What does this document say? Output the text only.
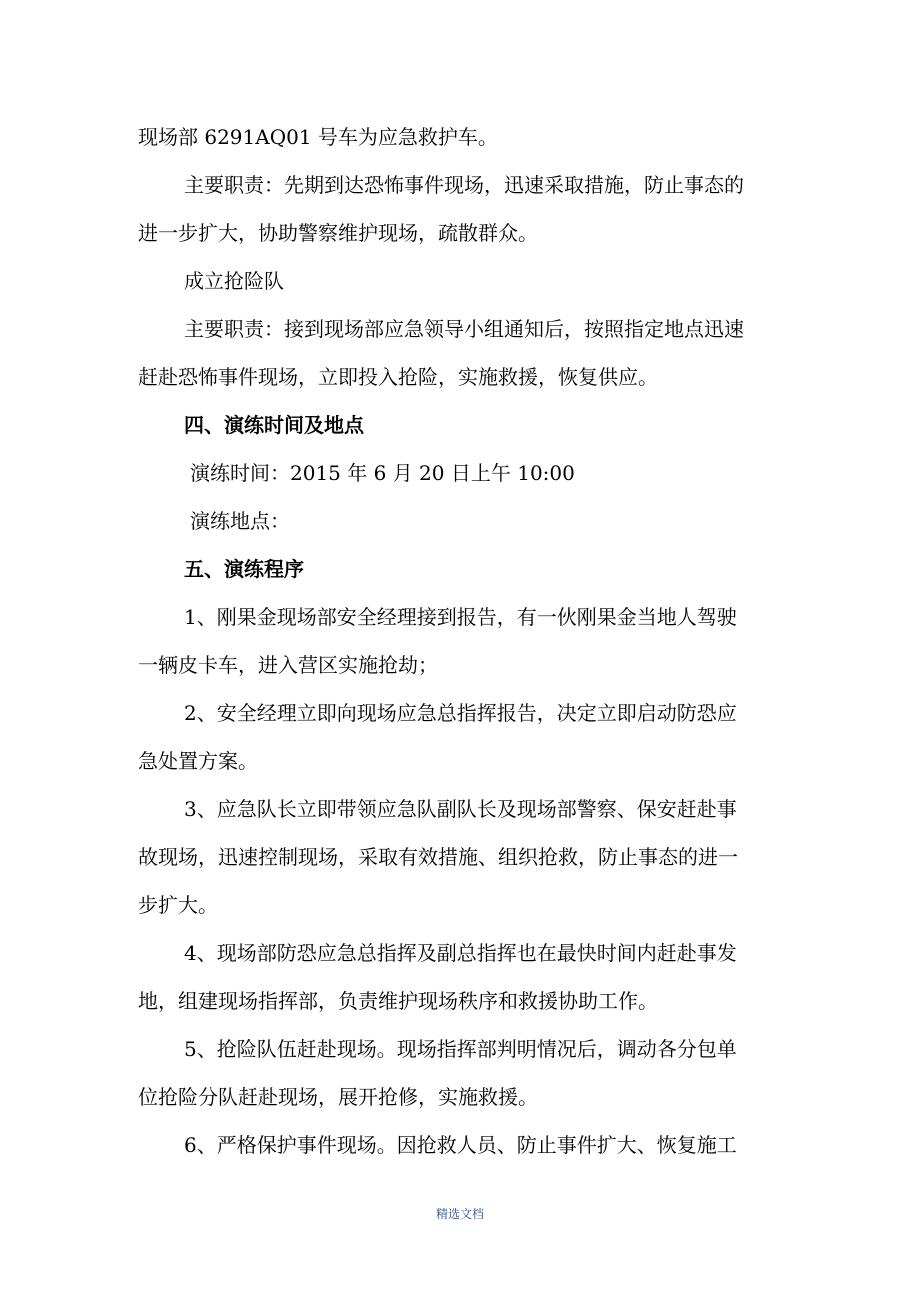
现场部 6291AQ01 号车为应急救护车。
主要职责：先期到达恐怖事件现场，迅速采取措施，防止事态的
进一步扩大，协助警察维护现场，疏散群众。
成立抢险队
主要职责：接到现场部应急领导小组通知后，按照指定地点迅速
赶赴恐怖事件现场，立即投入抢险，实施救援，恢复供应。
四、演练时间及地点
演练时间：2015 年 6 月 20 日上午 10:00
演练地点：
五、演练程序
1、刚果金现场部安全经理接到报告，有一伙刚果金当地人驾驶
一辆皮卡车，进入营区实施抢劫；
2、安全经理立即向现场应急总指挥报告，决定立即启动防恐应
急处置方案。
3、应急队长立即带领应急队副队长及现场部警察、保安赶赴事
故现场，迅速控制现场，采取有效措施、组织抢救，防止事态的进一
步扩大。
4、现场部防恐应急总指挥及副总指挥也在最快时间内赶赴事发
地，组建现场指挥部，负责维护现场秩序和救援协助工作。
5、抢险队伍赶赴现场。现场指挥部判明情况后，调动各分包单
位抢险分队赶赴现场，展开抢修，实施救援。
6、严格保护事件现场。因抢救人员、防止事件扩大、恢复施工
精选文档
